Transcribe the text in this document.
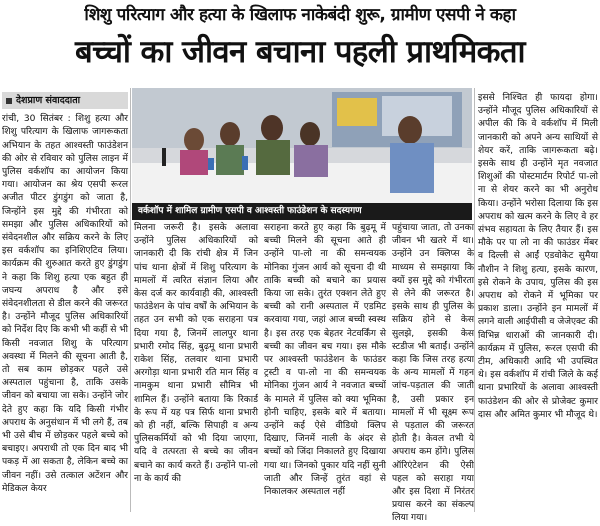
शिशु परित्याग और हत्या के खिलाफ नाकेबंदी शुरू, ग्रामीण एसपी ने कहा
बच्चों का जीवन बचाना पहली प्राथमिकता
देशप्राण संवाददाता

रांची, 30 सितंबर : शिशु हत्या और शिशु परित्याग के खिलाफ जागरूकता अभियान के तहत आश्वस्ती फाउंडेशन की ओर से रविवार को पुलिस लाइन में पुलिस वर्कशॉप का आयोजन किया गया। आयोजन का श्रेय एसपी रूरल अजीत पीटर डुंगडुंग को जाता है, जिन्होंने इस मुद्दे की गंभीरता को समझा और पुलिस अधिकारियों को संवेदनशील और सक्रिय करने के लिए इस वर्कशॉप का इनिशिएटिव लिया। कार्यक्रम की शुरुआत करते हुए डुंगडुंग ने कहा कि शिशु हत्या एक बहुत ही जघन्य अपराध है और इसे संवेदनशीलता से डील करने की जरूरत है। उन्होंने मौजूद पुलिस अधिकारियों को निर्देश दिए कि कभी भी कहीं से भी किसी नवजात शिशु के परित्याग अवस्था में मिलने की सूचना आती है, तो सब काम छोड़कर पहले उसे अस्पताल पहुंचाना है, ताकि उसके जीवन को बचाया जा सके। उन्होंने जोर देते हुए कहा कि यदि किसी गंभीर अपराध के अनुसंधान में भी लगे हैं, तब भी उसे बीच में छोड़कर पहले बच्चे को बचाइए। अपराधी तो एक दिन बाद भी पकड़ में आ सकता है, लेकिन बच्चे का जीवन नहीं। उसे तत्काल अटेंशन और मेडिकल केयर

वर्कशॉप में शामिल ग्रामीण एसपी व आश्वस्ती फाउंडेशन के सदस्यगण

मिलना जरूरी है। इसके अलावा उन्होंने पुलिस अधिकारियों को जानकारी दी कि रांची क्षेत्र में जिन पांच थाना क्षेत्रों में शिशु परित्याग के मामलों में त्वरित संज्ञान लिया और केस दर्ज कर कार्यवाही की, आश्वस्ती फाउंडेशन के पांच वर्षों के अभियान के तहत उन सभी को एक सराहना पत्र दिया गया है, जिनमें लालपुर थाना प्रभारी रमोद सिंह, बुढ़मू थाना प्रभारी राकेश सिंह, तलवार थाना प्रभारी अरगोड़ा थाना प्रभारी रति मान सिंह व नामकुम थाना प्रभारी सौमित्र भी शामिल हैं। उन्होंने बताया कि रिकार्ड के रूप में यह पत्र सिर्फ थाना प्रभारी को ही नहीं, बल्कि सिपाही व अन्य पुलिसकर्मियों को भी दिया जाएगा, यदि वे तत्परता से बच्चे का जीवन बचाने का कार्य करते हैं। उन्होंने पा-लो ना के कार्य की

सराहना करते हुए कहा कि बुढ़मू में बच्ची मिलने की सूचना आते ही उन्होंने पा-लो ना की समन्वयक मोनिका गुंजन आर्य को सूचना दी थी ताकि बच्ची को बचाने का प्रयास किया जा सके। तुरंत एक्शन लेते हुए बच्ची को रानी अस्पताल में एडमिट करवाया गया, जहां आज बच्ची स्वस्थ है। इस तरह एक बेहतर नेटवर्किंग से बच्ची का जीवन बच गया। इस मौके पर आश्वस्ती फाउंडेशन के फाउंडर ट्रस्टी व पा-लो ना की समन्वयक मोनिका गुंजन आर्य ने नवजात बच्चों के मामले में पुलिस को क्या भूमिका होनी चाहिए, इसके बारे में बताया। उन्होंने कई ऐसे वीडियो क्लिप दिखाए, जिनमें नाली के अंदर से बच्चों को जिंदा निकालते हुए दिखाया गया था। जिनको पुकार यदि नहीं सुनी जाती और जिन्हें तुरंत वहां से निकालकर अस्पताल नहीं

पहुंचाया जाता, तो उनका जीवन भी खतरे में था। उन्होंने उन क्लिप्स के माध्यम से समझाया कि क्यों इस मुद्दे को गंभीरता से लेने की जरूरत है। इसके साथ ही पुलिस के सक्रिय होने से केस सुलझे, इसकी केस स्टडीज भी बताईं। उन्होंने कहा कि जिस तरह हत्या के अन्य मामलों में गहन जांच-पड़ताल की जाती है, उसी प्रकार इन मामलों में भी सूक्ष्म रूप से पड़ताल की जरूरत होती है। केवल तभी ये अपराध कम होंगे। पुलिस ऑरिएंटेशन की ऐसी पहल को सराहा गया और इस दिशा में निरंतर प्रयास करने का संकल्प लिया गया।

इससे निश्चित ही फायदा होगा। उन्होंने मौजूद पुलिस अधिकारियों से अपील की कि वे वर्कशॉप में मिली जानकारी को अपने अन्य साथियों से शेयर करें, ताकि जागरूकता बढ़े। इसके साथ ही उन्होंने मृत नवजात शिशुओं की पोस्टमार्टम रिपोर्ट पा-लो ना से शेयर करने का भी अनुरोध किया। उन्होंने भरोसा दिलाया कि इस अपराध को खत्म करने के लिए वे हर संभव सहायता के लिए तैयार हैं। इस मौके पर पा लो ना की फाउंडर मेंबर व दिल्ली से आईं एडवोकेट सुमैया नौशीन ने शिशु हत्या, इसके कारण, इसे रोकने के उपाय, पुलिस की इस अपराध को रोकने में भूमिका पर प्रकाश डाला। उन्होंने इन मामलों में लगने वाली आईपीसी व जेजेएक्ट की विभिन्न धाराओं की जानकारी दी। कार्यक्रम में पुलिस, रूरल एसपी की टीम, अधिकारी आदि भी उपस्थित थे। इस वर्कशॉप में रांची जिले के कई थाना प्रभारियों के अलावा आश्वस्ती फाउंडेशन की ओर से प्रोजेक्ट कुमार दास और अमित कुमार भी मौजूद थे।
